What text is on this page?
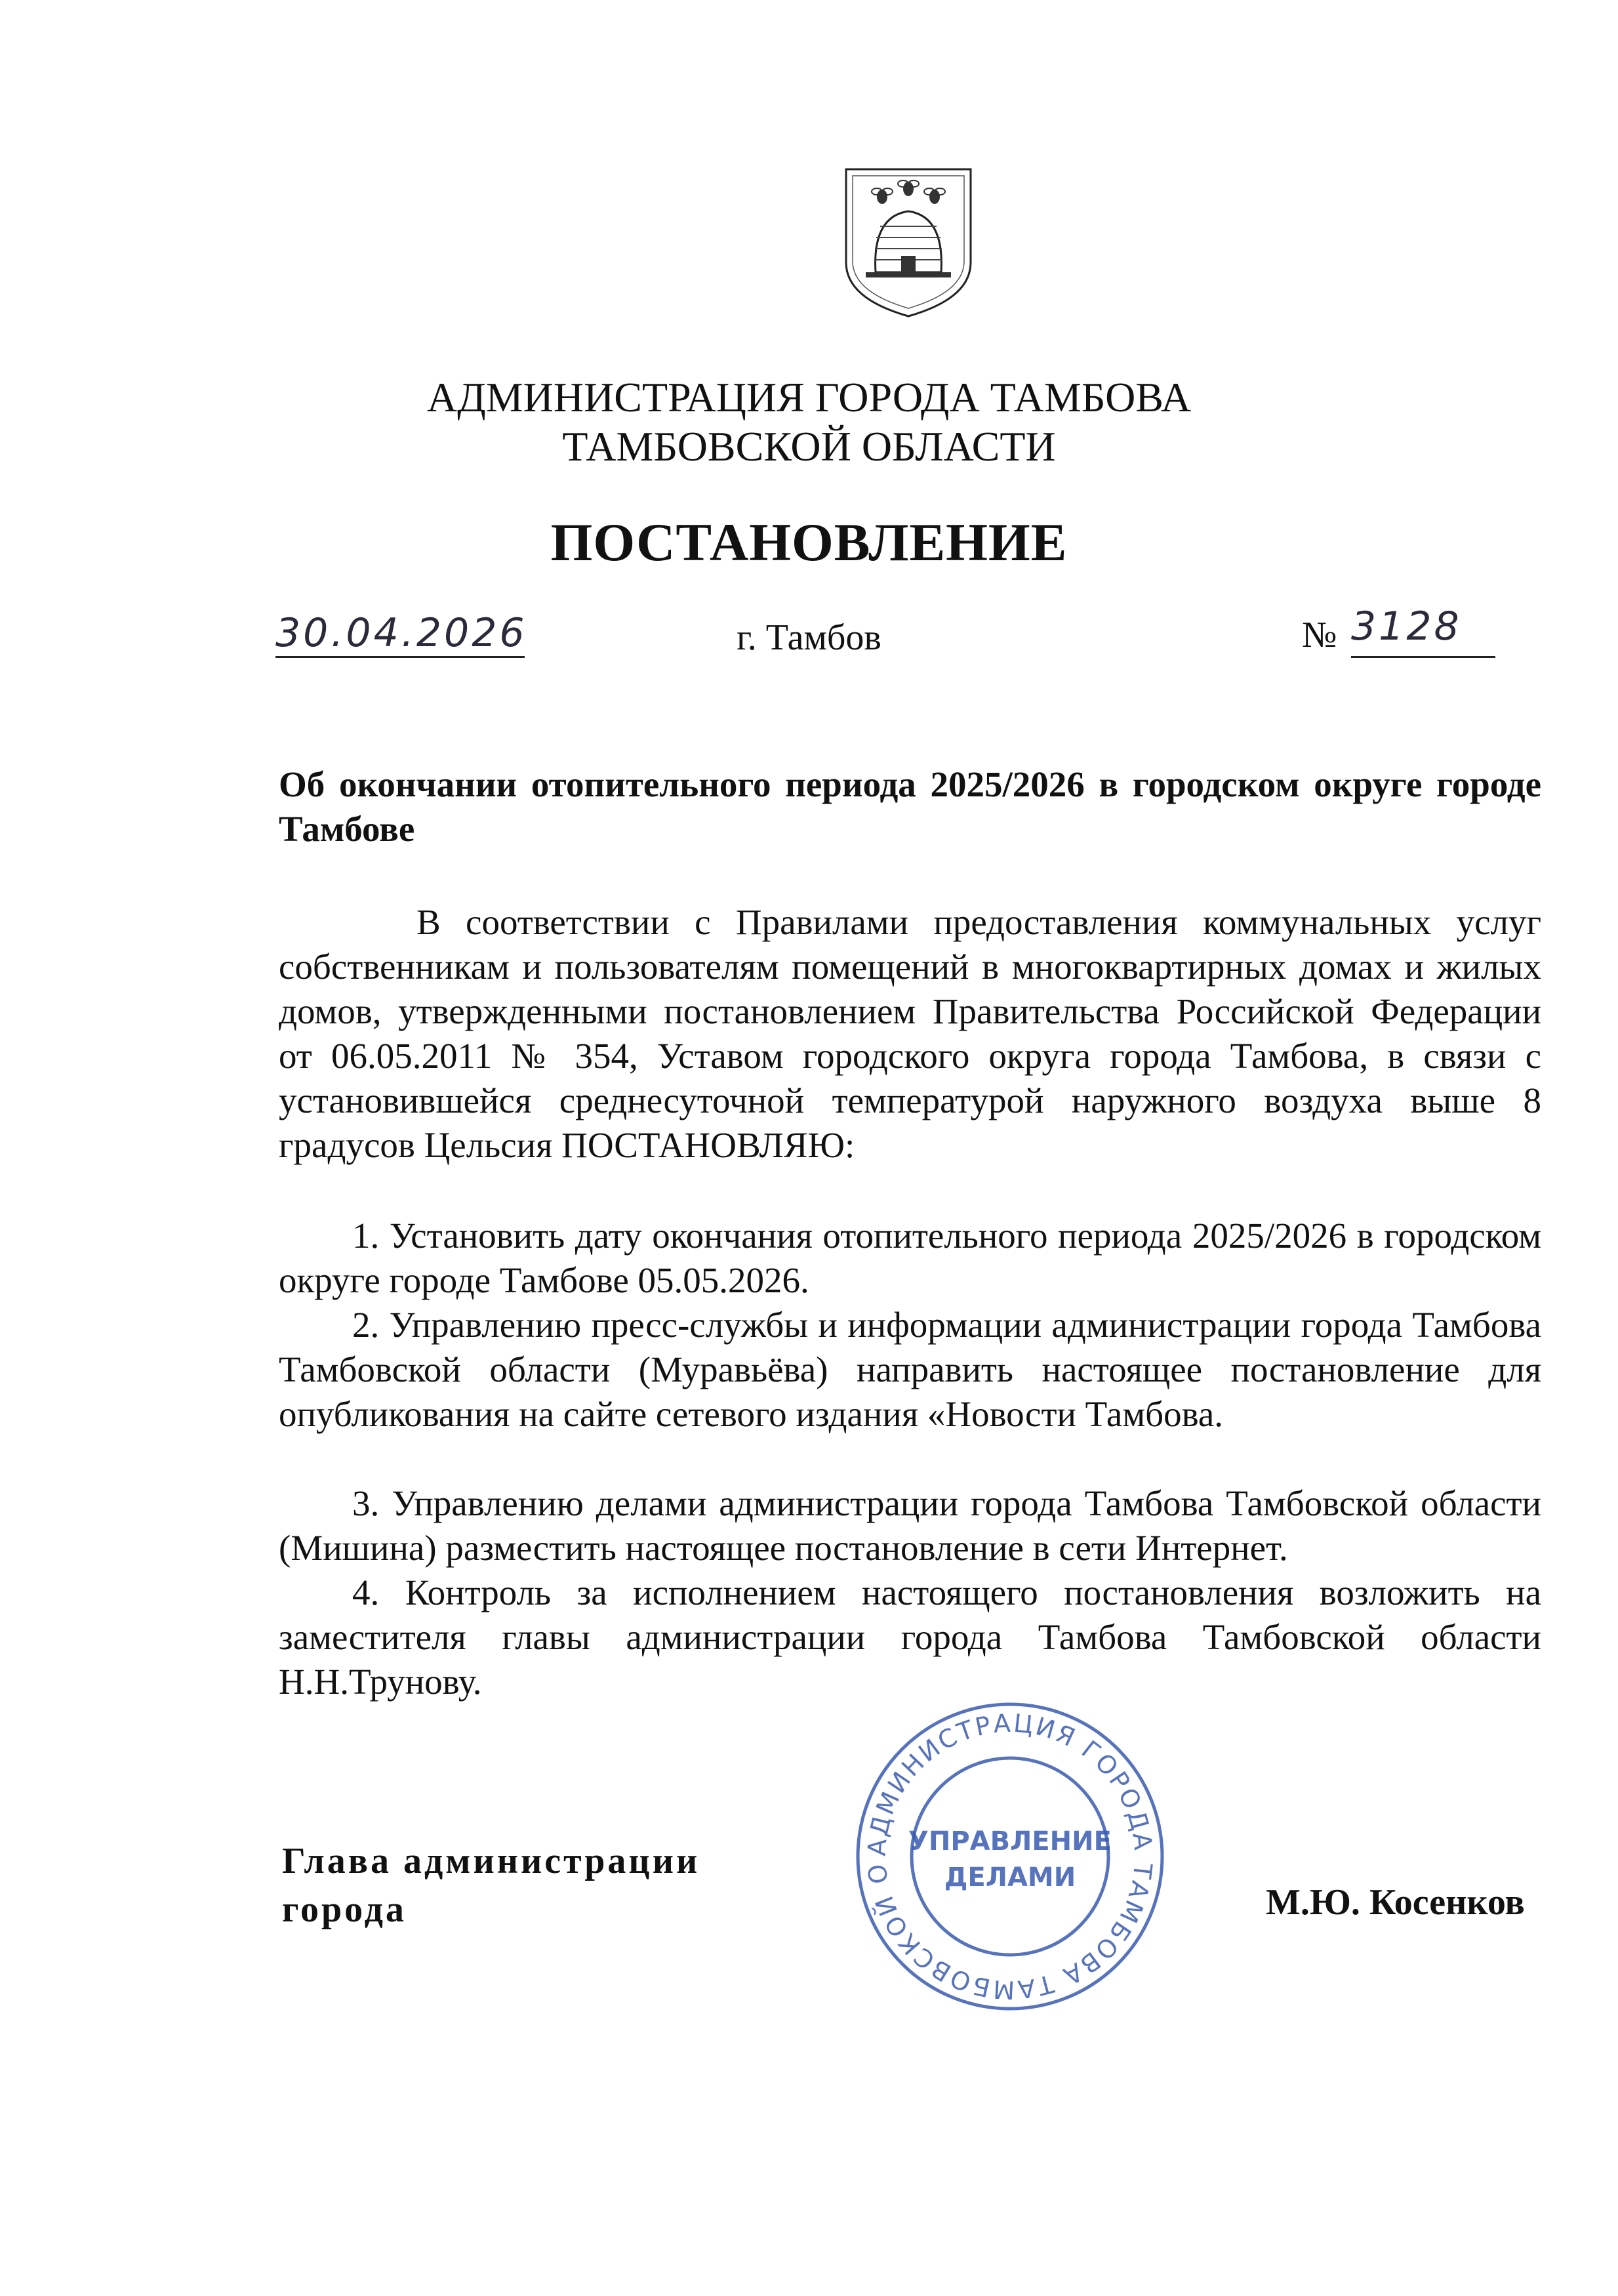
АДМИНИСТРАЦИЯ ГОРОДА ТАМБОВА
ТАМБОВСКОЙ ОБЛАСТИ
ПОСТАНОВЛЕНИЕ
30.04.2026	г. Тамбов	№ 3128
Об окончании отопительного периода 2025/2026 в городском округе городе Тамбове
В соответствии с Правилами предоставления коммунальных услуг собственникам и пользователям помещений в многоквартирных домах и жилых домов, утвержденными постановлением Правительства Российской Федерации от 06.05.2011 № 354, Уставом городского округа города Тамбова, в связи с установившейся среднесуточной температурой наружного воздуха выше 8 градусов Цельсия ПОСТАНОВЛЯЮ:
1. Установить дату окончания отопительного периода 2025/2026 в городском округе городе Тамбове 05.05.2026.
2. Управлению пресс-службы и информации администрации города Тамбова Тамбовской области (Муравьёва) направить настоящее постановление для опубликования на сайте сетевого издания «Новости Тамбова.
3. Управлению делами администрации города Тамбова Тамбовской области (Мишина) разместить настоящее постановление в сети Интернет.
4. Контроль за исполнением настоящего постановления возложить на заместителя главы администрации города Тамбова Тамбовской области Н.Н.Трунову.
АДМИНИСТРАЦИЯ ГОРОДА ТАМБОВА ТАМБОВСКОЙ О
УПРАВЛЕНИЕ
ДЕЛАМИ
Глава администрации
города	М.Ю. Косенков
